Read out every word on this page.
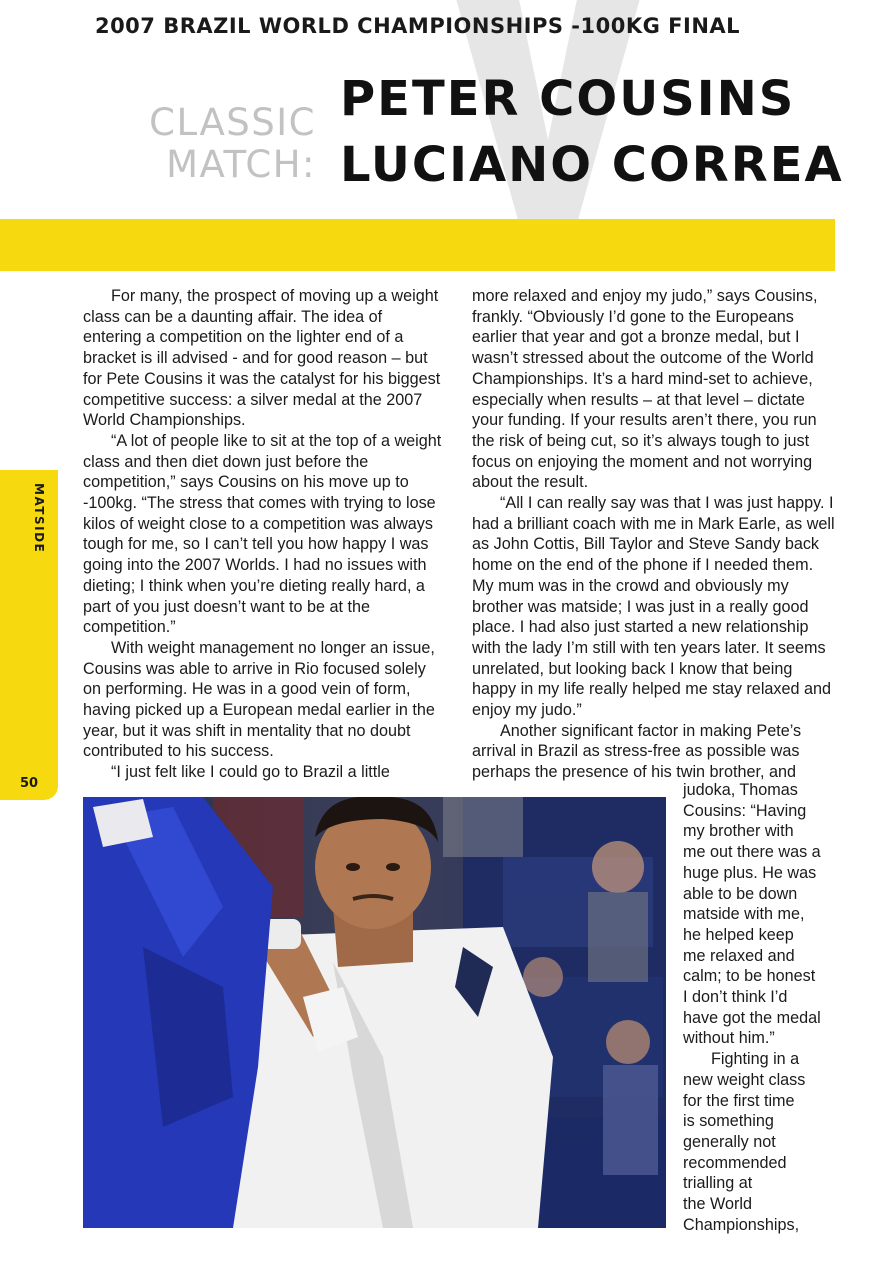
CLASSIC
MATCH:
PETER COUSINS
LUCIANO CORREA
2007 BRAZIL WORLD CHAMPIONSHIPS -100KG FINAL
MATSIDE
50

For many, the prospect of moving up a weight class can be a daunting affair. The idea of entering a competition on the lighter end of a bracket is ill advised - and for good reason – but for Pete Cousins it was the catalyst for his biggest competitive success: a silver medal at the 2007 World Championships.

“A lot of people like to sit at the top of a weight class and then diet down just before the competition,” says Cousins on his move up to -100kg. “The stress that comes with trying to lose kilos of weight close to a competition was always tough for me, so I can’t tell you how happy I was going into the 2007 Worlds. I had no issues with dieting; I think when you’re dieting really hard, a part of you just doesn’t want to be at the competition.”

With weight management no longer an issue, Cousins was able to arrive in Rio focused solely on performing. He was in a good vein of form, having picked up a European medal earlier in the year, but it was shift in mentality that no doubt contributed to his success.

“I just felt like I could go to Brazil a little

more relaxed and enjoy my judo,” says Cousins, frankly. “Obviously I’d gone to the Europeans earlier that year and got a bronze medal, but I wasn’t stressed about the outcome of the World Championships. It’s a hard mind-set to achieve, especially when results – at that level – dictate your funding. If your results aren’t there, you run the risk of being cut, so it’s always tough to just focus on enjoying the moment and not worrying about the result.

“All I can really say was that I was just happy. I had a brilliant coach with me in Mark Earle, as well as John Cottis, Bill Taylor and Steve Sandy back home on the end of the phone if I needed them. My mum was in the crowd and obviously my brother was matside; I was just in a really good place. I had also just started a new relationship with the lady I’m still with ten years later. It seems unrelated, but looking back I know that being happy in my life really helped me stay relaxed and enjoy my judo.”

Another significant factor in making Pete’s arrival in Brazil as stress-free as possible was perhaps the presence of his twin brother, and

judoka, Thomas
Cousins: “Having
my brother with
me out there was a
huge plus. He was
able to be down
matside with me,
he helped keep
me relaxed and
calm; to be honest
I don’t think I’d
have got the medal
without him.”
Fighting in a
new weight class
for the first time
is something
generally not
recommended
trialling at
the World
Championships,
